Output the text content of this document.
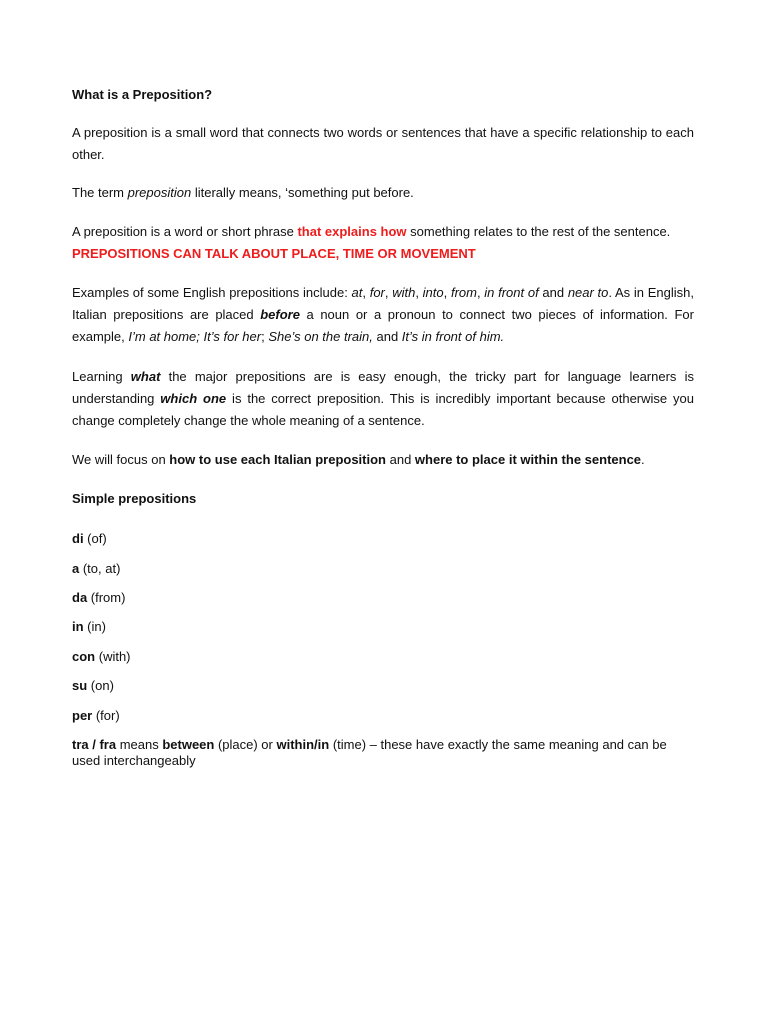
What is a Preposition?

A preposition is a small word that connects two words or sentences that have a specific relationship to each other.

The term preposition literally means, ‘something put before.

A preposition is a word or short phrase that explains how something relates to the rest of the sentence.

PREPOSITIONS CAN TALK ABOUT PLACE, TIME OR MOVEMENT

Examples of some English prepositions include: at, for, with, into, from, in front of and near to. As in English, Italian prepositions are placed before a noun or a pronoun to connect two pieces of information. For example, I’m at home; It’s for her; She’s on the train, and It’s in front of him.

Learning what the major prepositions are is easy enough, the tricky part for language learners is understanding which one is the correct preposition. This is incredibly important because otherwise you change completely change the whole meaning of a sentence.

We will focus on how to use each Italian preposition and where to place it within the sentence.

Simple prepositions

di (of)

a (to, at)

da (from)

in (in)

con (with)

su (on)

per (for)

tra / fra means between (place) or within/in (time) – these have exactly the same meaning and can be used interchangeably
